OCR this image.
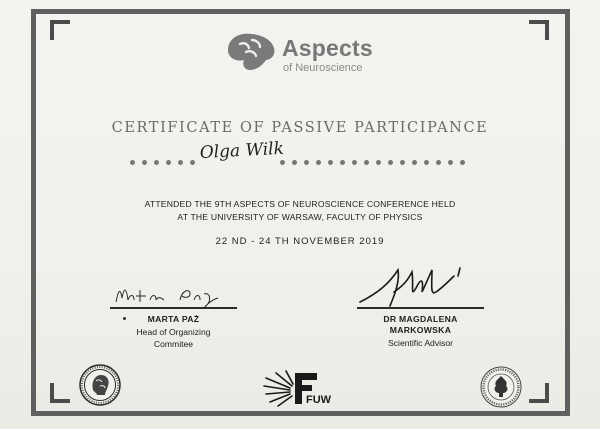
Aspects
of Neuroscience
CERTIFICATE OF PASSIVE PARTICIPANCE
Olga Wilk
ATTENDED THE 9TH ASPECTS OF NEUROSCIENCE CONFERENCE HELD
AT THE UNIVERSITY OF WARSAW, FACULTY OF PHYSICS
22 ND - 24 TH NOVEMBER 2019
MARTA PAŻ
Head of Organizing
Commitee
DR MAGDALENA
MARKOWSKA
Scientific Advisor
FUW
